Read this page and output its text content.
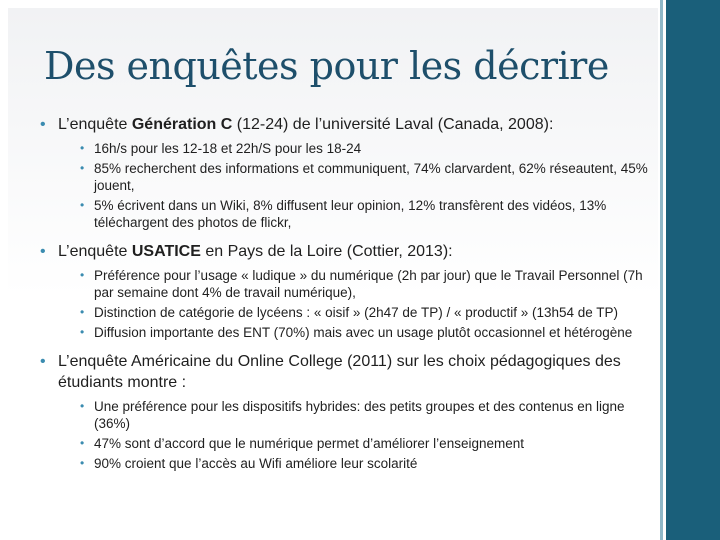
Des enquêtes pour les décrire
• L’enquête Génération C (12-24) de l’université Laval (Canada, 2008):
• 16h/s pour les 12-18 et 22h/S pour les 18-24
• 85% recherchent des informations et communiquent, 74% clarvardent, 62% réseautent, 45% jouent,
• 5% écrivent dans un Wiki, 8% diffusent leur opinion, 12% transfèrent des vidéos, 13% téléchargent des photos de flickr,
• L’enquête USATICE en Pays de la Loire (Cottier, 2013):
• Préférence pour l’usage « ludique » du numérique (2h par jour) que le Travail Personnel (7h par semaine dont 4% de travail numérique),
• Distinction de catégorie de lycéens : « oisif » (2h47 de TP) / « productif » (13h54 de TP)
• Diffusion importante des ENT (70%) mais avec un usage plutôt occasionnel et hétérogène
• L’enquête Américaine du Online College (2011) sur les choix pédagogiques des étudiants montre :
• Une préférence pour les dispositifs hybrides: des petits groupes et des contenus en ligne (36%)
• 47% sont d’accord que le numérique permet d’améliorer l’enseignement
• 90% croient que l’accès au Wifi améliore leur scolarité
